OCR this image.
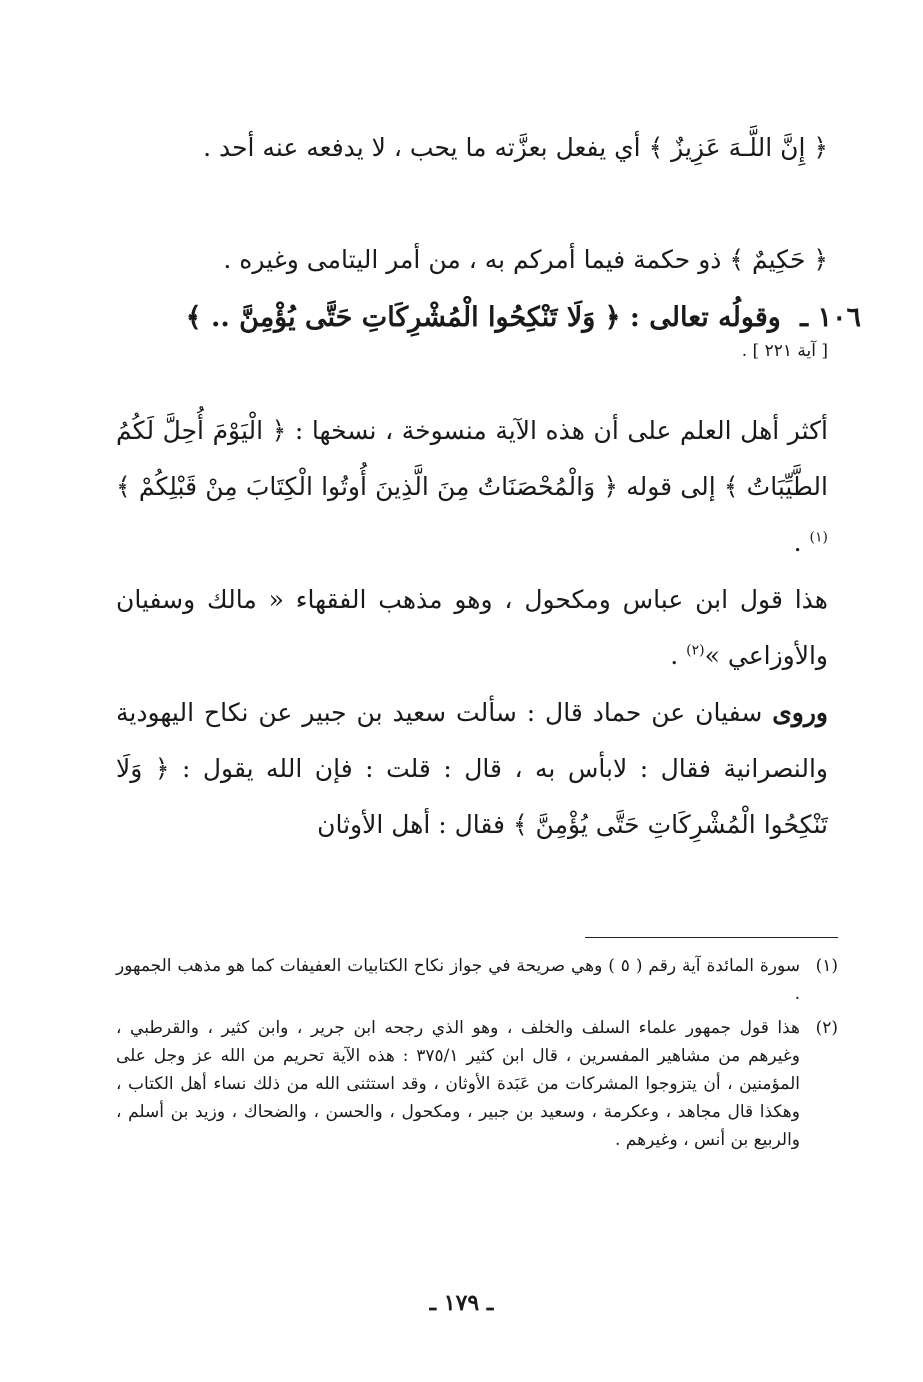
﴿ إِنَّ اللَّـهَ عَزِيزٌ ﴾ أي يفعل بعزَّته ما يحب ، لا يدفعه عنه أحد .
﴿ حَكِيمٌ ﴾ ذو حكمة فيما أمركم به ، من أمر اليتامى وغيره .
١٠٦ ـ وقولُه تعالى : ﴿ وَلَا تَنْكِحُوا الْمُشْرِكَاتِ حَتَّى يُؤْمِنَّ .. ﴾
[ آية ٢٢١ ] .
أكثر أهل العلم على أن هذه الآية منسوخة ، نسخها : ﴿ الْيَوْمَ أُحِلَّ لَكُمُ الطَّيِّبَاتُ ﴾ إلى قوله ﴿ وَالْمُحْصَنَاتُ مِنَ الَّذِينَ أُوتُوا الْكِتَابَ مِنْ قَبْلِكُمْ ﴾$^{(١)}$ .
هذا قول ابن عباس ومكحول ، وهو مذهب الفقهاء « مالك وسفيان والأوزاعي »$^{(٢)}$ .
وروى سفيان عن حماد قال : سألت سعيد بن جبير عن نكاح اليهودية والنصرانية فقال : لابأس به ، قال : قلت : فإن الله يقول : ﴿ وَلَا تَنْكِحُوا الْمُشْرِكَاتِ حَتَّى يُؤْمِنَّ ﴾ فقال : أهل الأوثان
(١)
سورة المائدة آية رقم ( ٥ ) وهي صريحة في جواز نكاح الكتابيات العفيفات كما هو مذهب الجمهور .
(٢)
هذا قول جمهور علماء السلف والخلف ، وهو الذي رجحه ابن جرير ، وابن كثير ، والقرطبي ، وغيرهم من مشاهير المفسرين ، قال ابن كثير ٣٧٥/١ : هذه الآية تحريم من الله عز وجل على المؤمنين ، أن يتزوجوا المشركات من عَبَدة الأوثان ، وقد استثنى الله من ذلك نساء أهل الكتاب ، وهكذا قال مجاهد ، وعكرمة ، وسعيد بن جبير ، ومكحول ، والحسن ، والضحاك ، وزيد بن أسلم ، والربيع بن أنس ، وغيرهم .
ـ ١٧٩ ـ
